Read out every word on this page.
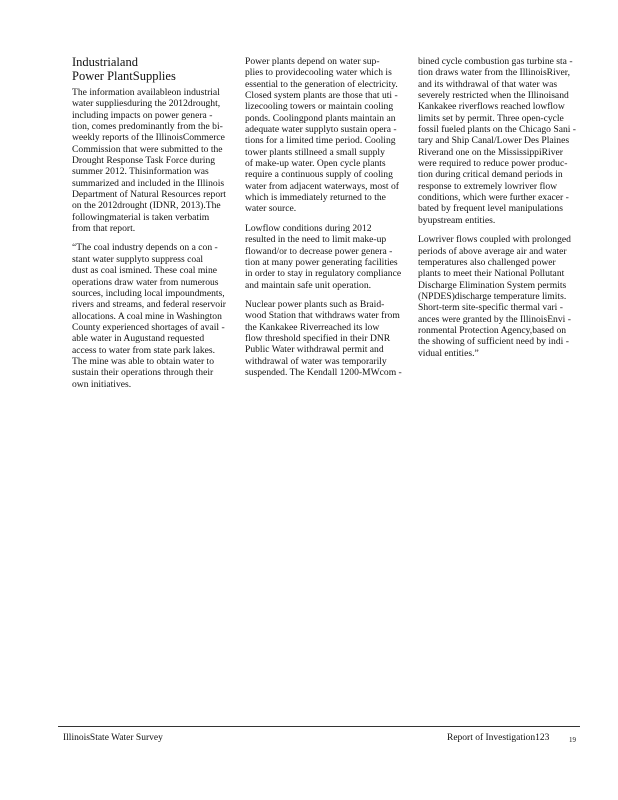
Industrialand
Power PlantSupplies

The information availableon industrial
water suppliesduring the 2012drought,
including impacts on power genera -
tion, comes predominantly from the bi-
weekly reports of the IllinoisCommerce
Commission that were submitted to the
Drought Response Task Force during
summer 2012. Thisinformation was
summarized and included in the Illinois
Department of Natural Resources report
on the 2012drought (IDNR, 2013).The
followingmaterial is taken verbatim
from that report.

“The coal industry depends on a con -
stant water supplyto suppress coal
dust as coal ismined. These coal mine
operations draw water from numerous
sources, including local impoundments,
rivers and streams, and federal reservoir
allocations. A coal mine in Washington
County experienced shortages of avail -
able water in Augustand requested
access to water from state park lakes.
The mine was able to obtain water to
sustain their operations through their
own initiatives.

Power plants depend on water sup-
plies to providecooling water which is
essential to the generation of electricity.
Closed system plants are those that uti -
lizecooling towers or maintain cooling
ponds. Coolingpond plants maintain an
adequate water supplyto sustain opera -
tions for a limited time period. Cooling
tower plants stillneed a small supply
of make-up water. Open cycle plants
require a continuous supply of cooling
water from adjacent waterways, most of
which is immediately returned to the
water source.

Lowflow conditions during 2012
resulted in the need to limit make-up
flowand/or to decrease power genera -
tion at many power generating facilities
in order to stay in regulatory compliance
and maintain safe unit operation.

Nuclear power plants such as Braid-
wood Station that withdraws water from
the Kankakee Riverreached its low
flow threshold specified in their DNR
Public Water withdrawal permit and
withdrawal of water was temporarily
suspended. The Kendall 1200-MWcom -

bined cycle combustion gas turbine sta -
tion draws water from the IllinoisRiver,
and its withdrawal of that water was
severely restricted when the Illinoisand
Kankakee riverflows reached lowflow
limits set by permit. Three open-cycle
fossil fueled plants on the Chicago Sani -
tary and Ship Canal/Lower Des Plaines
Riverand one on the MississippiRiver
were required to reduce power produc-
tion during critical demand periods in
response to extremely lowriver flow
conditions, which were further exacer -
bated by frequent level manipulations
byupstream entities.

Lowriver flows coupled with prolonged
periods of above average air and water
temperatures also challenged power
plants to meet their National Pollutant
Discharge Elimination System permits
(NPDES)discharge temperature limits.
Short-term site-specific thermal vari -
ances were granted by the IllinoisEnvi -
ronmental Protection Agency,based on
the showing of sufficient need by indi -
vidual entities.”

IllinoisState Water Survey	Report of Investigation123	19
